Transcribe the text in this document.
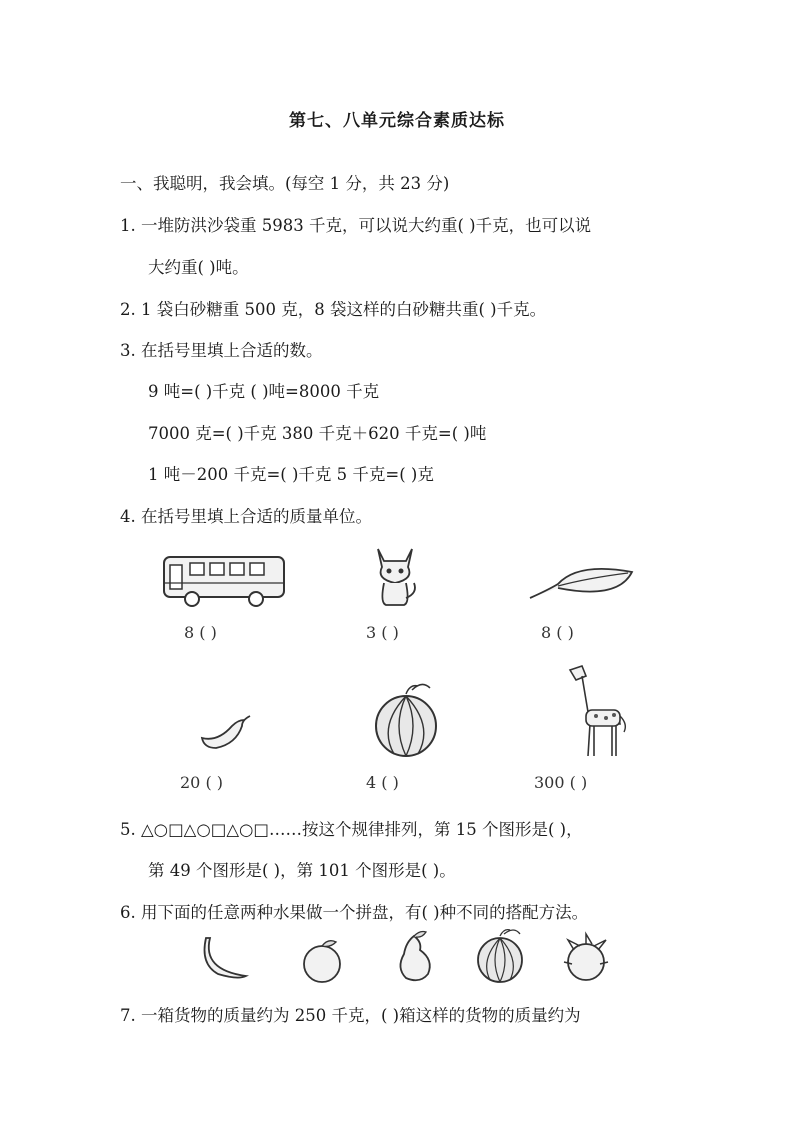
第七、八单元综合素质达标
一、我聪明，我会填。(每空 1 分，共 23 分)
1. 一堆防洪沙袋重 5983 千克，可以说大约重( )千克，也可以说
大约重( )吨。
2. 1 袋白砂糖重 500 克，8 袋这样的白砂糖共重( )千克。
3. 在括号里填上合适的数。
9 吨=( )千克 ( )吨=8000 千克
7000 克=( )千克 380 千克＋620 千克=( )吨
1 吨－200 千克=( )千克 5 千克=( )克
4. 在括号里填上合适的质量单位。
8 ( )	3 ( )	8 ( )
20 ( )	4 ( )	300 ( )
5. △○□△○□△○□……按这个规律排列，第 15 个图形是( )，
第 49 个图形是( )，第 101 个图形是( )。
6. 用下面的任意两种水果做一个拼盘，有( )种不同的搭配方法。
7. 一箱货物的质量约为 250 千克，( )箱这样的货物的质量约为
